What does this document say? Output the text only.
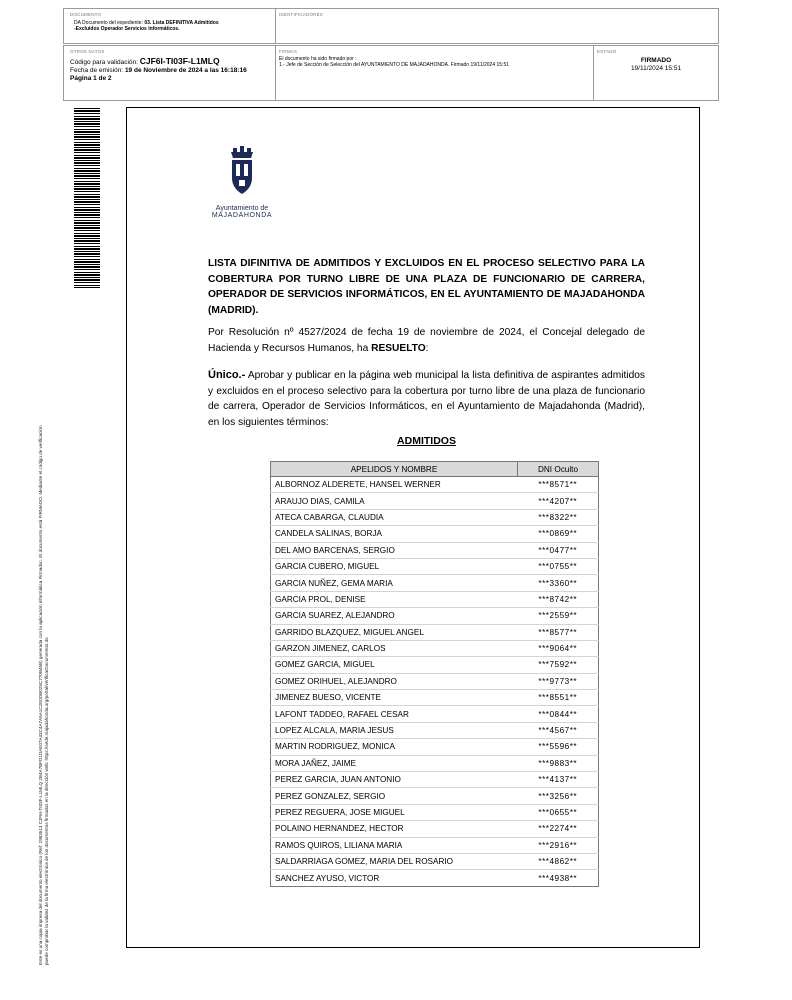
DOCUMENTO
DA Documento del expediente: 03. Lista DEFINITIVA Admitidos
-Excluidos Operador Servicios Informáticos.
IDENTIFICADORES
OTROS DATOS
Código para validación: CJF6I-TI03F-L1MLQ
Fecha de emisión: 19 de Noviembre de 2024 a las 16:18:16
Página 1 de 2
FIRMAS
El documento ha sido firmado por :
1.- Jefe de Sección de Selección del AYUNTAMIENTO DE MAJADAHONDA. Firmado 19/11/2024 15:51
ESTADO
FIRMADO
19/11/2024 15:51
Este es una copia impresa del documento electrónico (Ref: 2983513 CJF6I-TI03F-L1MLQ 2B4A7BFD1DAE07A43C4A7A5A1C2E0DB025C770B46B) generada con la aplicación informática Firmadoc. El documento está FIRMADO. Mediante el código de verificación puede comprobar la validez de la firma electrónica de los documentos firmados en la dirección web: https://sede.majadahonda.org/portal/verificarDocumentos.do
Ayuntamiento de
MAJADAHONDA
LISTA DIFINITIVA DE ADMITIDOS Y EXCLUIDOS EN EL PROCESO SELECTIVO PARA LA COBERTURA POR TURNO LIBRE DE UNA PLAZA DE FUNCIONARIO DE CARRERA, OPERADOR DE SERVICIOS INFORMÁTICOS, EN EL AYUNTAMIENTO DE MAJADAHONDA (MADRID).
Por Resolución nº 4527/2024 de fecha 19 de noviembre de 2024, el Concejal delegado de Hacienda y Recursos Humanos, ha RESUELTO:
Único.- Aprobar y publicar en la página web municipal la lista definitiva de aspirantes admitidos y excluidos en el proceso selectivo para la cobertura por turno libre de una plaza de funcionario de carrera, Operador de Servicios Informáticos, en el Ayuntamiento de Majadahonda (Madrid), en los siguientes términos:
ADMITIDOS
APELIDOS Y NOMBRE	DNI Oculto
ALBORNOZ ALDERETE, HANSEL WERNER	***8571**
ARAUJO DIAS, CAMILA	***4207**
ATECA CABARGA, CLAUDIA	***8322**
CANDELA SALINAS, BORJA	***0869**
DEL AMO BARCENAS, SERGIO	***0477**
GARCIA CUBERO, MIGUEL	***0755**
GARCIA NUÑEZ, GEMA MARIA	***3360**
GARCIA PROL, DENISE	***8742**
GARCIA SUAREZ, ALEJANDRO	***2559**
GARRIDO BLAZQUEZ, MIGUEL ANGEL	***8577**
GARZON JIMENEZ, CARLOS	***9064**
GOMEZ GARCIA, MIGUEL	***7592**
GOMEZ ORIHUEL, ALEJANDRO	***9773**
JIMENEZ BUESO, VICENTE	***8551**
LAFONT TADDEO, RAFAEL CESAR	***0844**
LOPEZ ALCALA, MARIA JESUS	***4567**
MARTIN RODRIGUEZ, MONICA	***5596**
MORA JAÑEZ, JAIME	***9883**
PEREZ GARCIA, JUAN ANTONIO	***4137**
PEREZ GONZALEZ, SERGIO	***3256**
PEREZ REGUERA, JOSE MIGUEL	***0655**
POLAINO HERNANDEZ, HECTOR	***2274**
RAMOS QUIROS, LILIANA MARIA	***2916**
SALDARRIAGA GOMEZ, MARIA DEL ROSARIO	***4862**
SANCHEZ AYUSO, VICTOR	***4938**
